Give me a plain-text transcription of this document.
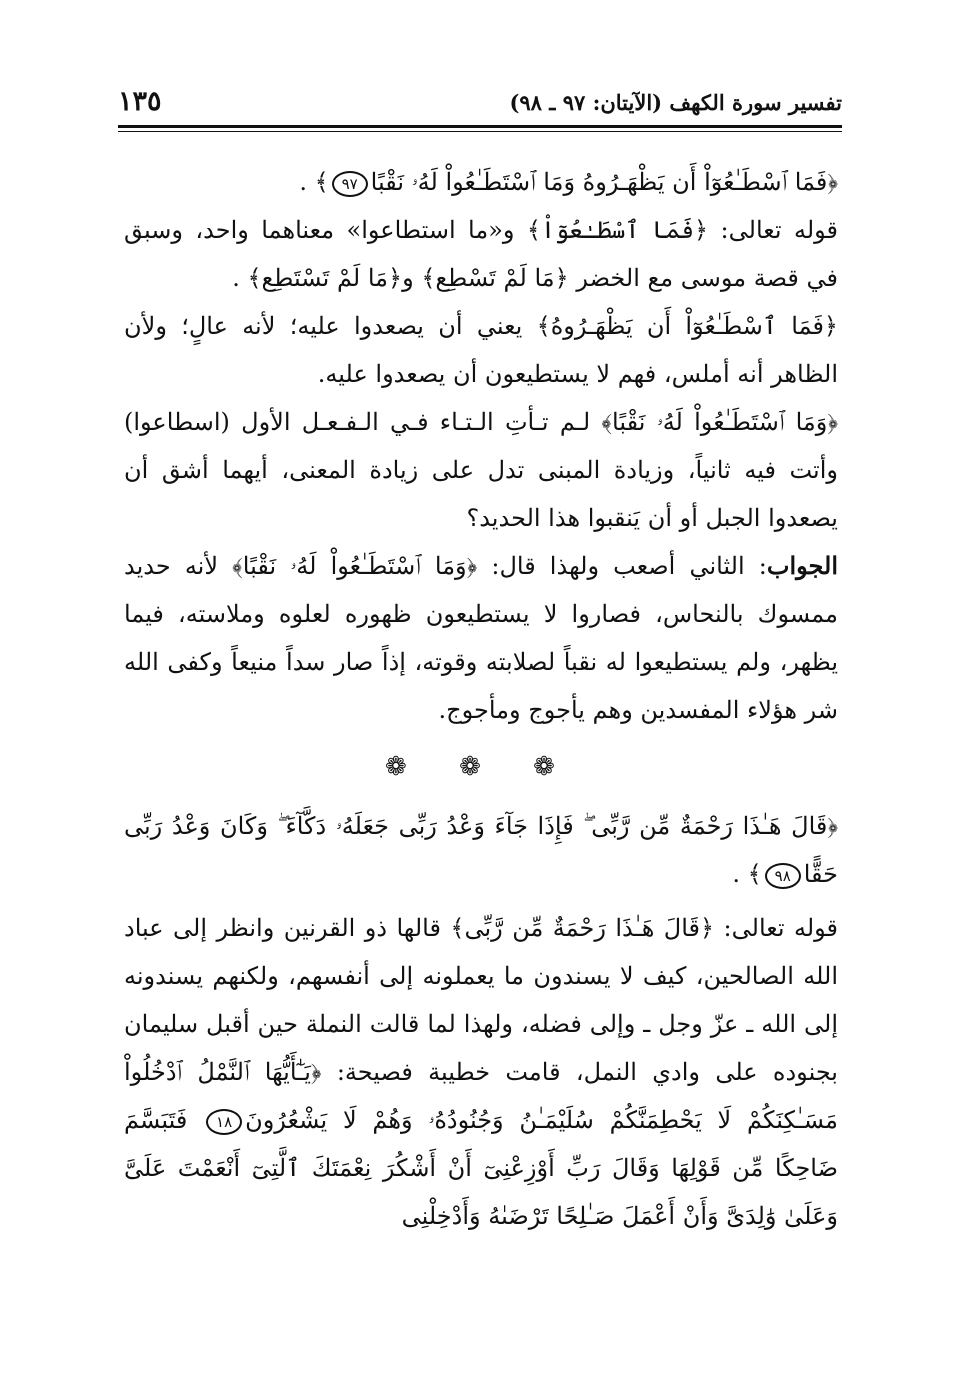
تفسير سورة الكهف (الآيتان: ٩٧ ـ ٩٨)
١٣٥

﴿فَمَا ٱسْطَـٰعُوٓاْ أَن يَظْهَـرُوهُ وَمَا ٱسْتَطَـٰعُواْ لَهُۥ نَقْبًا٩٧﴾ .

قوله تعالى: ﴿فَمَا ٱسْطَـٰعُوٓاْ﴾ و«ما استطاعوا» معناهما واحد، وسبق في قصة موسى مع الخضر ﴿مَا لَمْ تَسْطِع﴾ و﴿مَا لَمْ تَسْتَطِع﴾ .

﴿فَمَا ٱسْطَـٰعُوٓاْ أَن يَظْهَـرُوهُ﴾ يعني أن يصعدوا عليه؛ لأنه عالٍ؛ ولأن الظاهر أنه أملس، فهم لا يستطيعون أن يصعدوا عليه.

﴿وَمَا ٱسْتَطَـٰعُواْ لَهُۥ نَقْبًا﴾ لـم تـأتِ الـتـاء فـي الـفـعـل الأول (اسطاعوا) وأتت فيه ثانياً، وزيادة المبنى تدل على زيادة المعنى، أيهما أشق أن يصعدوا الجبل أو أن يَنقبوا هذا الحديد؟

الجواب: الثاني أصعب ولهذا قال: ﴿وَمَا ٱسْتَطَـٰعُواْ لَهُۥ نَقْبًا﴾ لأنه حديد ممسوك بالنحاس، فصاروا لا يستطيعون ظهوره لعلوه وملاسته، فيما يظهر، ولم يستطيعوا له نقباً لصلابته وقوته، إذاً صار سداً منيعاً وكفى الله شر هؤلاء المفسدين وهم يأجوج ومأجوج.

❁ ❁ ❁

﴿قَالَ هَـٰذَا رَحْمَةٌ مِّن رَّبِّى ۖ فَإِذَا جَآءَ وَعْدُ رَبِّى جَعَلَهُۥ دَكَّآءَ ۖ وَكَانَ وَعْدُ رَبِّى حَقًّا٩٨﴾ .

قوله تعالى: ﴿قَالَ هَـٰذَا رَحْمَةٌ مِّن رَّبِّى﴾ قالها ذو القرنين وانظر إلى عباد الله الصالحين، كيف لا يسندون ما يعملونه إلى أنفسهم، ولكنهم يسندونه إلى الله ـ عزّ وجل ـ وإلى فضله، ولهذا لما قالت النملة حين أقبل سليمان بجنوده على وادي النمل، قامت خطيبة فصيحة: ﴿يَـٰٓأَيُّهَا ٱلنَّمْلُ ٱدْخُلُواْ مَسَـٰكِنَكُمْ لَا يَحْطِمَنَّكُمْ سُلَيْمَـٰنُ وَجُنُودُهُۥ وَهُمْ لَا يَشْعُرُونَ١٨ فَتَبَسَّمَ ضَاحِكًا مِّن قَوْلِهَا وَقَالَ رَبِّ أَوْزِعْنِىٓ أَنْ أَشْكُرَ نِعْمَتَكَ ٱلَّتِىٓ أَنْعَمْتَ عَلَىَّ وَعَلَىٰ وَٰلِدَىَّ وَأَنْ أَعْمَلَ صَـٰلِحًا تَرْضَىٰهُ وَأَدْخِلْنِى
